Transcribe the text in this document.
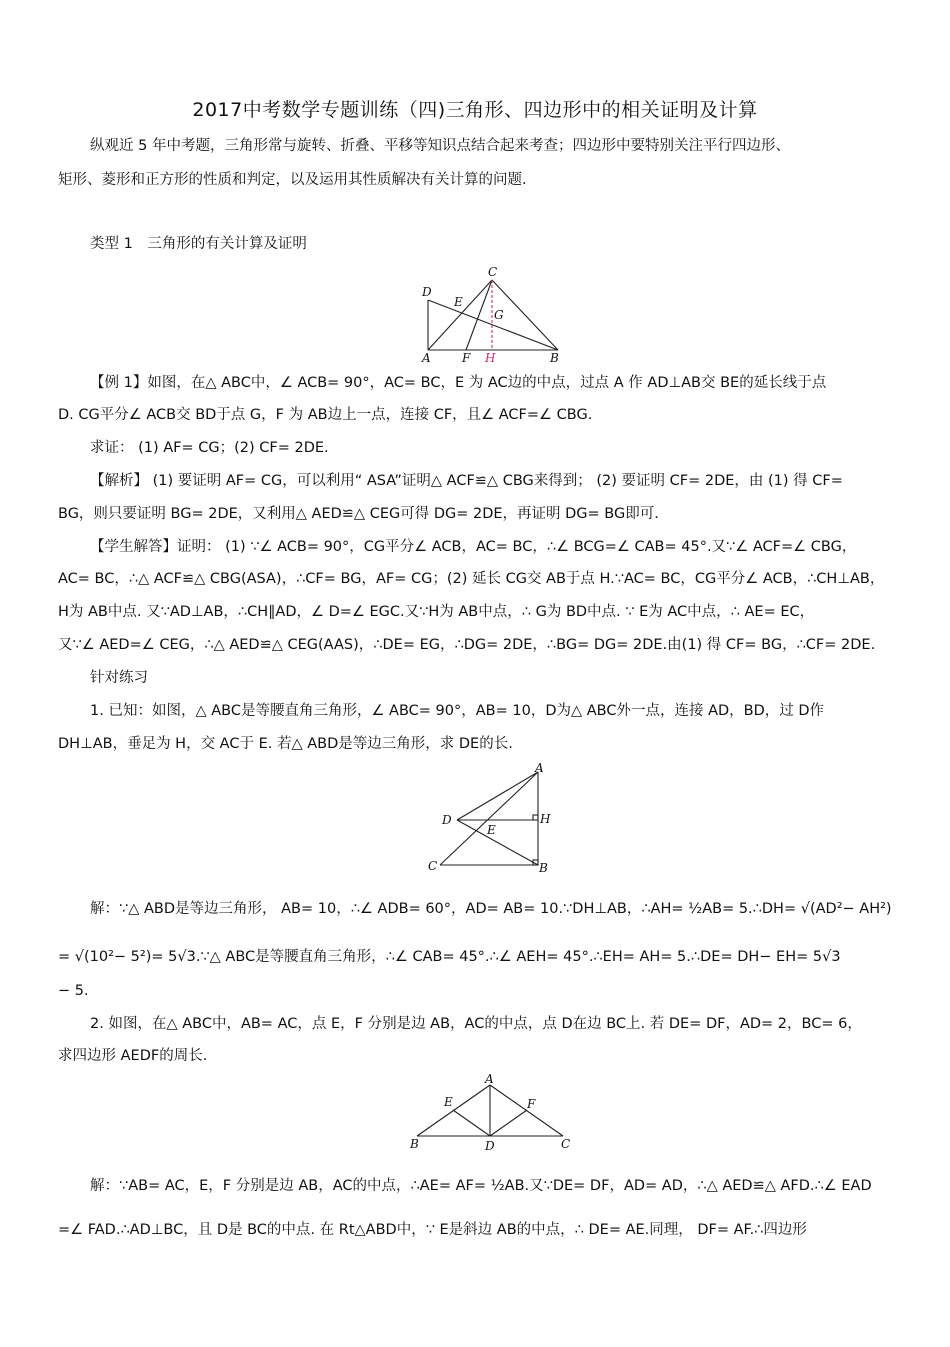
2017中考数学专题训练（四)三角形、四边形中的相关证明及计算
纵观近 5 年中考题，三角形常与旋转、折叠、平移等知识点结合起来考查；四边形中要特别关注平行四边形、
矩形、菱形和正方形的性质和判定，以及运用其性质解决有关计算的问题.
类型 1　三角形的有关计算及证明
C
D
E
G
A	F H	B
【例 1】如图，在△ ABC中，∠ ACB= 90°，AC= BC，E 为 AC边的中点，过点 A 作 AD⊥AB交 BE的延长线于点
D. CG平分∠ ACB交 BD于点 G，F 为 AB边上一点，连接 CF，且∠ ACF=∠ CBG.
求证： (1) AF= CG；(2) CF= 2DE.
【解析】 (1) 要证明 AF= CG，可以利用“ ASA”证明△ ACF≌△ CBG来得到； (2) 要证明 CF= 2DE，由 (1) 得 CF=
BG，则只要证明 BG= 2DE，又利用△ AED≌△ CEG可得 DG= 2DE，再证明 DG= BG即可.
【学生解答】证明： (1) ∵∠ ACB= 90°，CG平分∠ ACB，AC= BC，∴∠ BCG=∠ CAB= 45°.又∵∠ ACF=∠ CBG，
AC= BC，∴△ ACF≌△ CBG(ASA)，∴CF= BG，AF= CG；(2) 延长 CG交 AB于点 H.∵AC= BC，CG平分∠ ACB，∴CH⊥AB，
H为 AB中点. 又∵AD⊥AB，∴CH∥AD，∠ D=∠ EGC.又∵H为 AB中点，∴ G为 BD中点. ∵ E为 AC中点，∴ AE= EC，
又∵∠ AED=∠ CEG，∴△ AED≌△ CEG(AAS)，∴DE= EG，∴DG= 2DE，∴BG= DG= 2DE.由(1) 得 CF= BG，∴CF= 2DE.
针对练习
1. 已知：如图，△ ABC是等腰直角三角形，∠ ABC= 90°，AB= 10，D为△ ABC外一点，连接 AD，BD，过 D作
DH⊥AB，垂足为 H，交 AC于 E. 若△ ABD是等边三角形，求 DE的长.
A
D	H
E
C	B
解：∵△ ABD是等边三角形， AB= 10，∴∠ ADB= 60°，AD= AB= 10.∵DH⊥AB，∴AH= ½AB= 5.∴DH= √(AD²− AH²)
= √(10²− 5²)= 5√3.∵△ ABC是等腰直角三角形，∴∠ CAB= 45°.∴∠ AEH= 45°.∴EH= AH= 5.∴DE= DH− EH= 5√3
− 5.
2. 如图，在△ ABC中，AB= AC，点 E，F 分别是边 AB，AC的中点，点 D在边 BC上. 若 DE= DF，AD= 2，BC= 6，
求四边形 AEDF的周长.
A
E	F
B	D	C
解：∵AB= AC，E，F 分别是边 AB，AC的中点，∴AE= AF= ½AB.又∵DE= DF，AD= AD，∴△ AED≌△ AFD.∴∠ EAD
=∠ FAD.∴AD⊥BC，且 D是 BC的中点. 在 Rt△ABD中，∵ E是斜边 AB的中点，∴ DE= AE.同理， DF= AF.∴四边形
